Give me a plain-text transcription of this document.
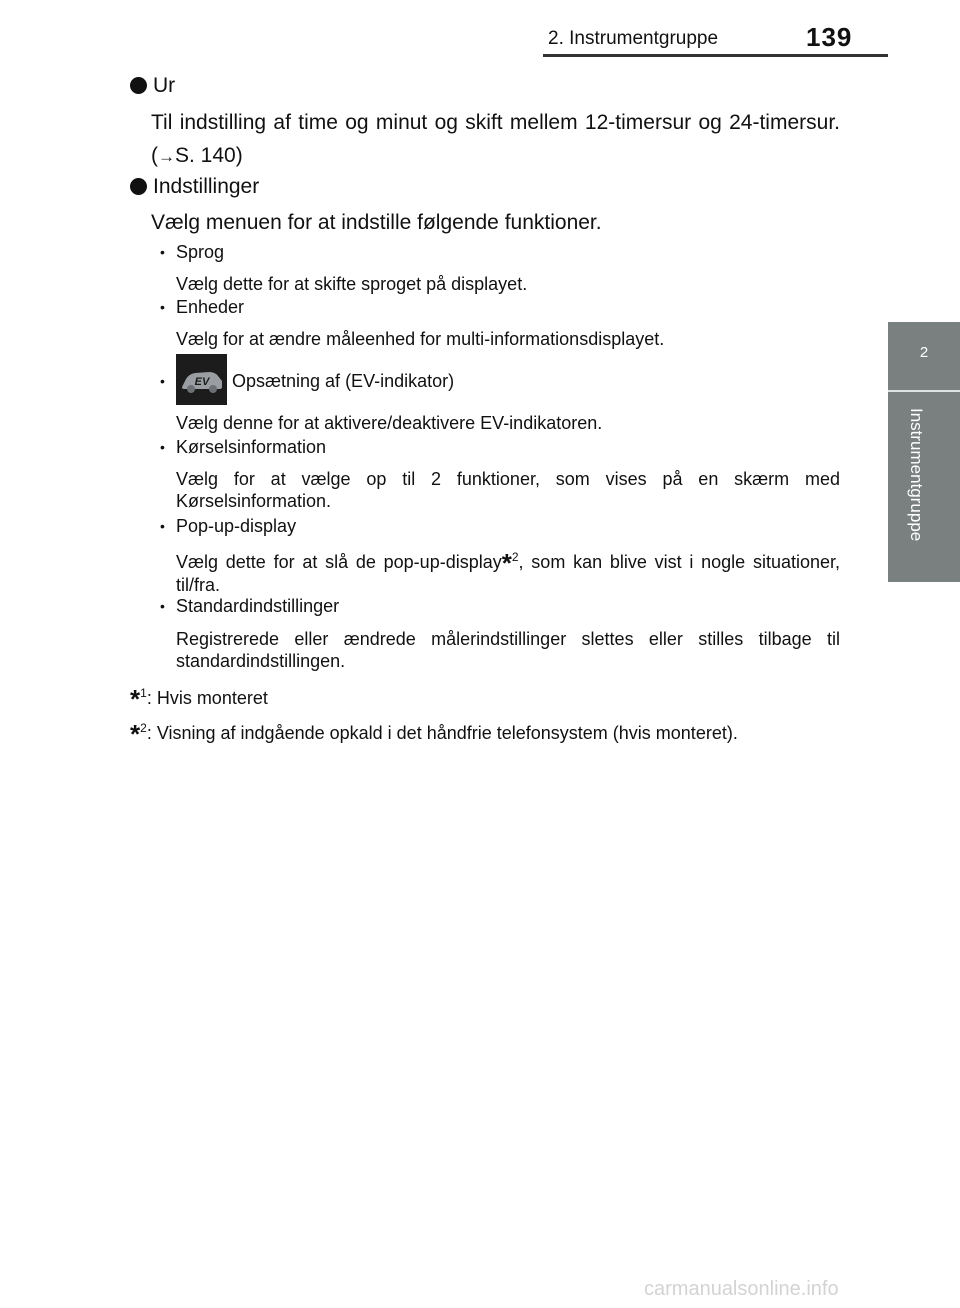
2. Instrumentgruppe	139
2
Instrumentgruppe
Ur
Til indstilling af time og minut og skift mellem 12-timersur og 24-timersur. (→S. 140)
Indstillinger
Vælg menuen for at indstille følgende funktioner.
• Sprog
Vælg dette for at skifte sproget på displayet.
• Enheder
Vælg for at ændre måleenhed for multi-informationsdisplayet.
•	EV Opsætning af (EV-indikator)
Vælg denne for at aktivere/deaktivere EV-indikatoren.
• Kørselsinformation
Vælg for at vælge op til 2 funktioner, som vises på en skærm med Kørselsinformation.
• Pop-up-display
Vælg dette for at slå de pop-up-display*$^2$, som kan blive vist i nogle situationer, til/fra.
• Standardindstillinger
Registrerede eller ændrede målerindstillinger slettes eller stilles tilbage til standardindstillingen.
*$^1$: Hvis monteret
*$^2$: Visning af indgående opkald i det håndfrie telefonsystem (hvis monteret).
carmanualsonline.info
